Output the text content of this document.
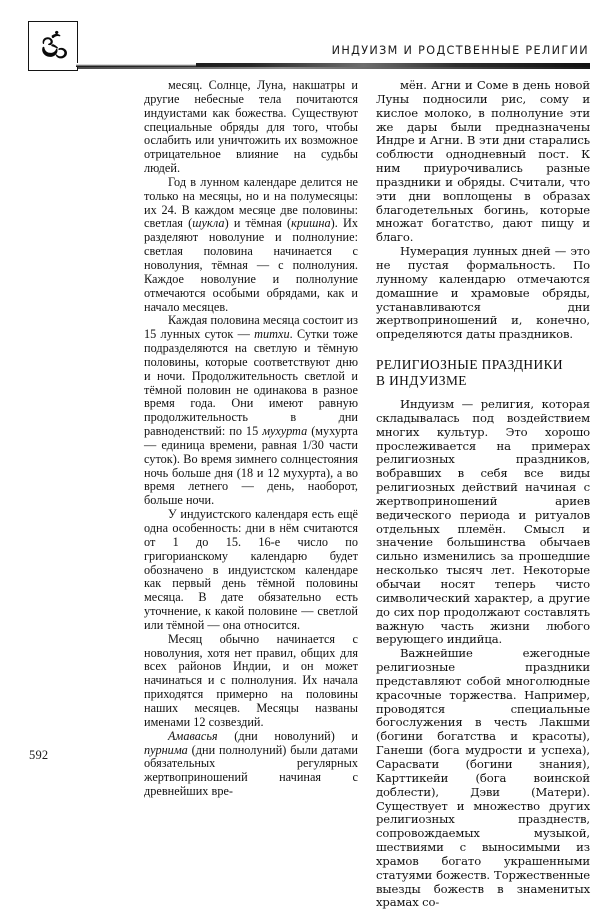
ИНДУИЗМ И РОДСТВЕННЫЕ РЕЛИГИИ

месяц. Солнце, Луна, накшатры и другие небесные тела почитаются индуистами как божества. Существуют специальные обряды для того, чтобы ослабить или уничтожить их возможное отрицательное влияние на судьбы людей.

Год в лунном календаре делится не только на месяцы, но и на полумесяцы: их 24. В каждом месяце две половины: светлая (шукла) и тёмная (кришна). Их разделяют новолуние и полнолуние: светлая половина начинается с новолуния, тёмная — с полнолуния. Каждое новолуние и полнолуние отмечаются особыми обрядами, как и начало месяцев.

Каждая половина месяца состоит из 15 лунных суток — титхи. Сутки тоже подразделяются на светлую и тёмную половины, которые соответствуют дню и ночи. Продолжительность светлой и тёмной половин не одинакова в разное время года. Они имеют равную продолжительность в дни равноденствий: по 15 мухурта (мухурта — единица времени, равная 1/30 части суток). Во время зимнего солнцестояния ночь больше дня (18 и 12 мухурта), а во время летнего — день, наоборот, больше ночи.

У индуистского календаря есть ещё одна особенность: дни в нём считаются от 1 до 15. 16-е число по григорианскому календарю будет обозначено в индуистском календаре как первый день тёмной половины месяца. В дате обязательно есть уточнение, к какой половине — светлой или тёмной — она относится.

Месяц обычно начинается с новолуния, хотя нет правил, общих для всех районов Индии, и он может начинаться и с полнолуния. Их начала приходятся примерно на половины наших месяцев. Месяцы названы именами 12 созвездий.

Амавасья (дни новолуний) и пурнима (дни полнолуний) были датами обязательных регулярных жертвоприношений начиная с древнейших вре-

мён. Агни и Соме в день новой Луны подносили рис, сому и кислое молоко, в полнолуние эти же дары были предназначены Индре и Агни. В эти дни старались соблюсти однодневный пост. К ним приурочивались разные праздники и обряды. Считали, что эти дни воплощены в образах благодетельных богинь, которые множат богатство, дают пищу и благо.

Нумерация лунных дней — это не пустая формальность. По лунному календарю отмечаются домашние и храмовые обряды, устанавливаются дни жертвоприношений и, конечно, определяются даты праздников.

РЕЛИГИОЗНЫЕ ПРАЗДНИКИ
В ИНДУИЗМЕ

Индуизм — религия, которая складывалась под воздействием многих культур. Это хорошо прослеживается на примерах религиозных праздников, вобравших в себя все виды религиозных действий начиная с жертвоприношений ариев ведического периода и ритуалов отдельных племён. Смысл и значение большинства обычаев сильно изменились за прошедшие несколько тысяч лет. Некоторые обычаи носят теперь чисто символический характер, а другие до сих пор продолжают составлять важную часть жизни любого верующего индийца.

Важнейшие ежегодные религиозные праздники представляют собой многолюдные красочные торжества. Например, проводятся специальные богослужения в честь Лакшми (богини богатства и красоты), Ганеши (бога мудрости и успеха), Сарасвати (богини знания), Карттикейи (бога воинской доблести), Дэви (Матери). Существует и множество других религиозных празднеств, сопровождаемых музыкой, шествиями с выносимыми из храмов богато украшенными статуями божеств. Торжественные выезды божеств в знаменитых храмах со-

592
